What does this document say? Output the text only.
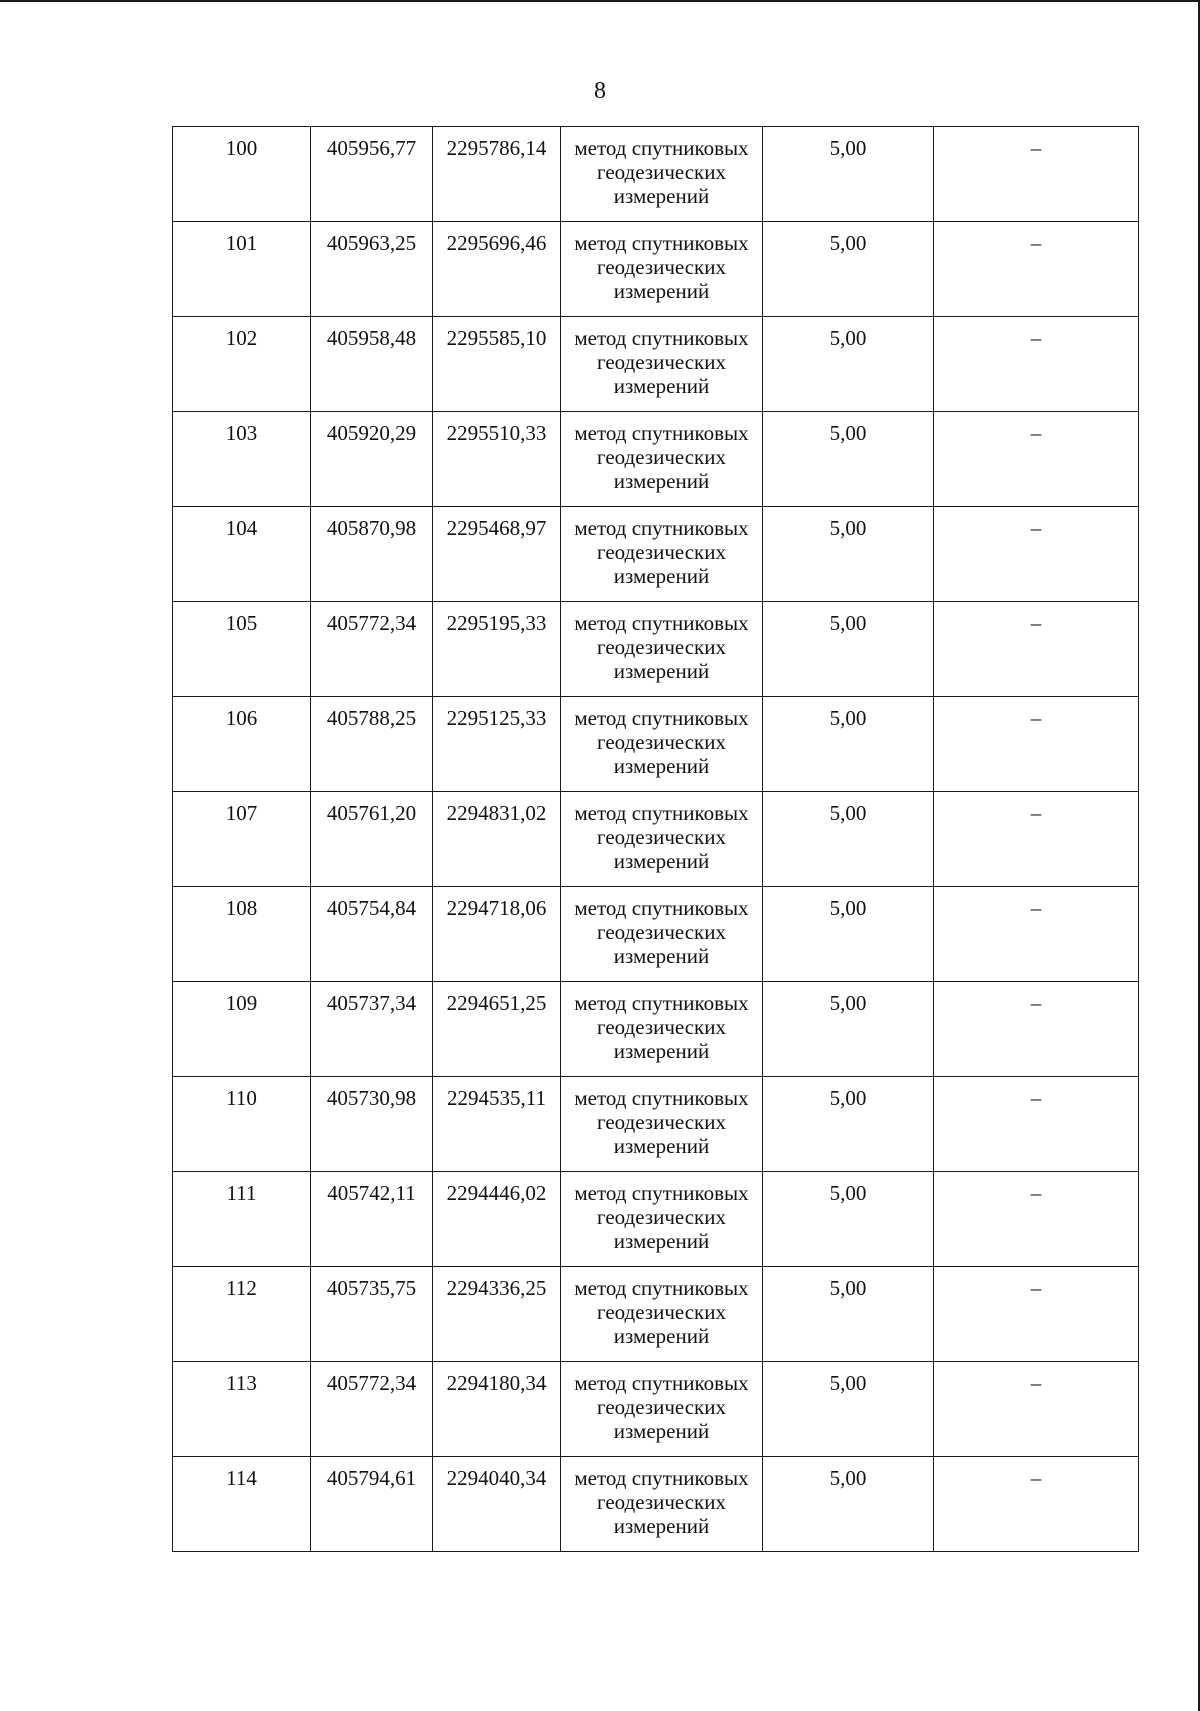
8
100	405956,77	2295786,14	метод спутниковых геодезических измерений	5,00	–
101	405963,25	2295696,46	метод спутниковых геодезических измерений	5,00	–
102	405958,48	2295585,10	метод спутниковых геодезических измерений	5,00	–
103	405920,29	2295510,33	метод спутниковых геодезических измерений	5,00	–
104	405870,98	2295468,97	метод спутниковых геодезических измерений	5,00	–
105	405772,34	2295195,33	метод спутниковых геодезических измерений	5,00	–
106	405788,25	2295125,33	метод спутниковых геодезических измерений	5,00	–
107	405761,20	2294831,02	метод спутниковых геодезических измерений	5,00	–
108	405754,84	2294718,06	метод спутниковых геодезических измерений	5,00	–
109	405737,34	2294651,25	метод спутниковых геодезических измерений	5,00	–
110	405730,98	2294535,11	метод спутниковых геодезических измерений	5,00	–
111	405742,11	2294446,02	метод спутниковых геодезических измерений	5,00	–
112	405735,75	2294336,25	метод спутниковых геодезических измерений	5,00	–
113	405772,34	2294180,34	метод спутниковых геодезических измерений	5,00	–
114	405794,61	2294040,34	метод спутниковых геодезических измерений	5,00	–
